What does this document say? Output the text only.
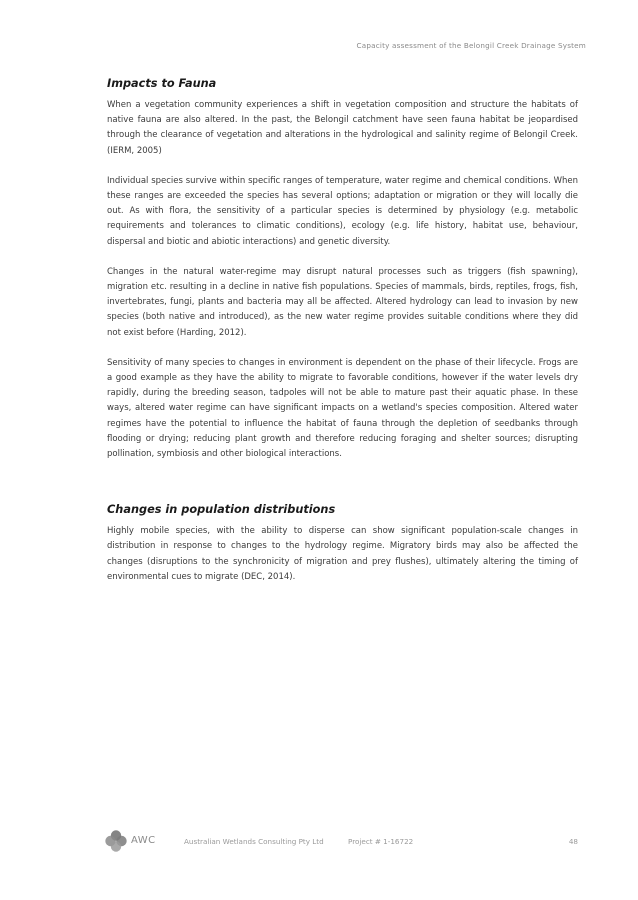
Capacity assessment of the Belongil Creek Drainage System
Impacts to Fauna

When a vegetation community experiences a shift in vegetation composition and structure the habitats of native fauna are also altered. In the past, the Belongil catchment have seen fauna habitat be jeopardised through the clearance of vegetation and alterations in the hydrological and salinity regime of Belongil Creek. (IERM, 2005)

Individual species survive within specific ranges of temperature, water regime and chemical conditions. When these ranges are exceeded the species has several options; adaptation or migration or they will locally die out. As with flora, the sensitivity of a particular species is determined by physiology (e.g. metabolic requirements and tolerances to climatic conditions), ecology (e.g. life history, habitat use, behaviour, dispersal and biotic and abiotic interactions) and genetic diversity.

Changes in the natural water-regime may disrupt natural processes such as triggers (fish spawning), migration etc. resulting in a decline in native fish populations. Species of mammals, birds, reptiles, frogs, fish, invertebrates, fungi, plants and bacteria may all be affected. Altered hydrology can lead to invasion by new species (both native and introduced), as the new water regime provides suitable conditions where they did not exist before (Harding, 2012).

Sensitivity of many species to changes in environment is dependent on the phase of their lifecycle. Frogs are a good example as they have the ability to migrate to favorable conditions, however if the water levels dry rapidly, during the breeding season, tadpoles will not be able to mature past their aquatic phase. In these ways, altered water regime can have significant impacts on a wetland's species composition. Altered water regimes have the potential to influence the habitat of fauna through the depletion of seedbanks through flooding or drying; reducing plant growth and therefore reducing foraging and shelter sources; disrupting pollination, symbiosis and other biological interactions.

Changes in population distributions

Highly mobile species, with the ability to disperse can show significant population-scale changes in distribution in response to changes to the hydrology regime. Migratory birds may also be affected the changes (disruptions to the synchronicity of migration and prey flushes), ultimately altering the timing of environmental cues to migrate (DEC, 2014).

AWC	Australian Wetlands Consulting Pty Ltd	Project # 1-16722	48
